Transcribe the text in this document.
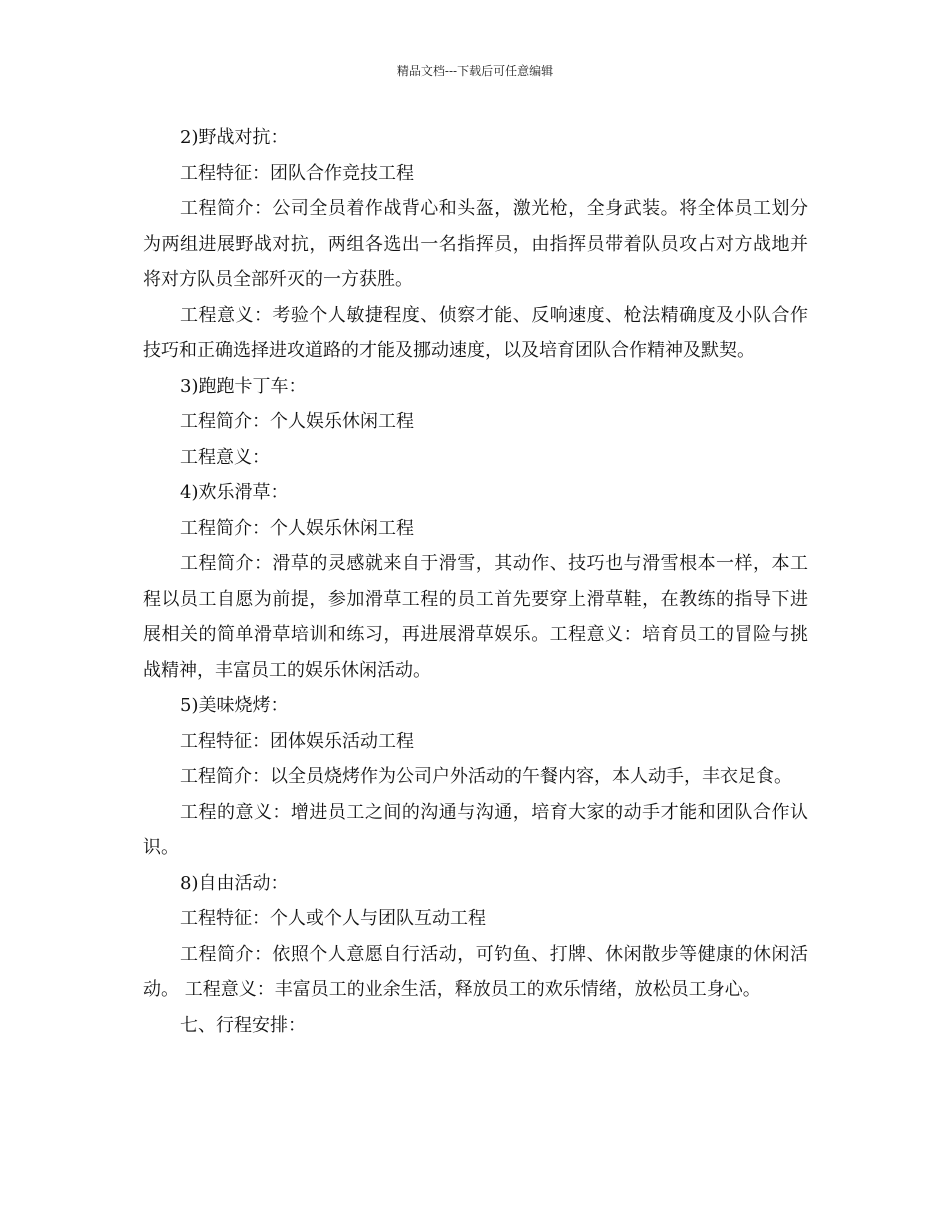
精品文档---下载后可任意编辑

2)野战对抗：

工程特征：团队合作竞技工程

工程简介：公司全员着作战背心和头盔，激光枪，全身武装。将全体员工划分为两组进展野战对抗，两组各选出一名指挥员，由指挥员带着队员攻占对方战地并将对方队员全部歼灭的一方获胜。

工程意义：考验个人敏捷程度、侦察才能、反响速度、枪法精确度及小队合作技巧和正确选择进攻道路的才能及挪动速度，以及培育团队合作精神及默契。

3)跑跑卡丁车：

工程简介：个人娱乐休闲工程

工程意义：

4)欢乐滑草：

工程简介：个人娱乐休闲工程

工程简介：滑草的灵感就来自于滑雪，其动作、技巧也与滑雪根本一样，本工程以员工自愿为前提，参加滑草工程的员工首先要穿上滑草鞋，在教练的指导下进展相关的简单滑草培训和练习，再进展滑草娱乐。工程意义：培育员工的冒险与挑战精神，丰富员工的娱乐休闲活动。

5)美味烧烤：

工程特征：团体娱乐活动工程

工程简介：以全员烧烤作为公司户外活动的午餐内容，本人动手，丰衣足食。

工程的意义：增进员工之间的沟通与沟通，培育大家的动手才能和团队合作认识。

8)自由活动：

工程特征：个人或个人与团队互动工程

工程简介：依照个人意愿自行活动，可钓鱼、打牌、休闲散步等健康的休闲活动。 工程意义：丰富员工的业余生活，释放员工的欢乐情绪，放松员工身心。

七、行程安排：
